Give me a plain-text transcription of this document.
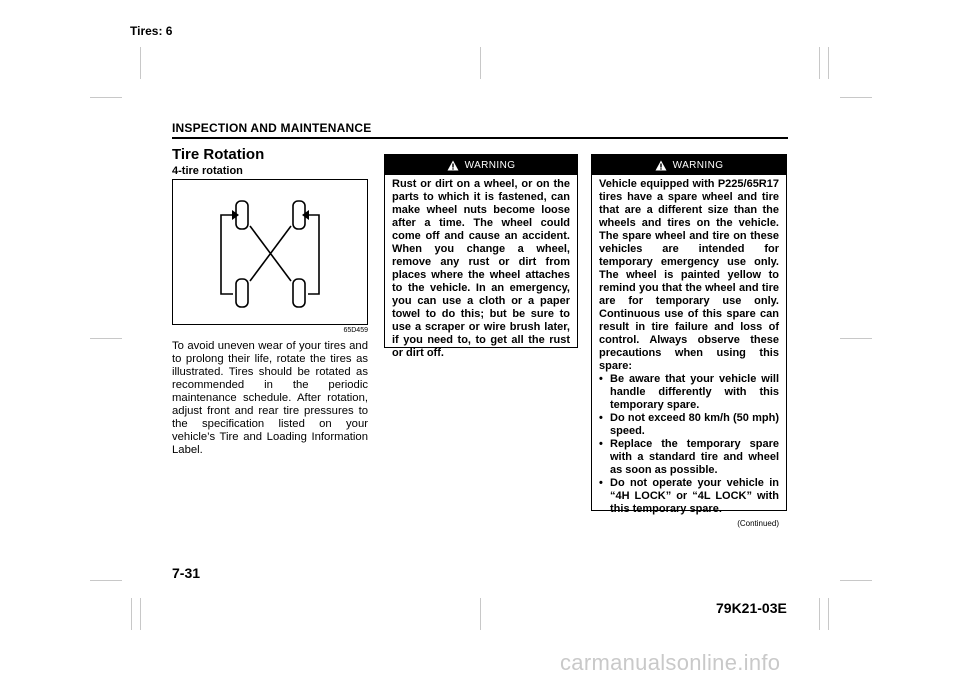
Tires: 6
INSPECTION AND MAINTENANCE
Tire Rotation
4-tire rotation
65D459

To avoid uneven wear of your tires and to prolong their life, rotate the tires as illustrated. Tires should be rotated as recommended in the periodic maintenance schedule. After rotation, adjust front and rear tire pressures to the specification listed on your vehicle’s Tire and Loading Information Label.

WARNING
Rust or dirt on a wheel, or on the parts to which it is fastened, can make wheel nuts become loose after a time. The wheel could come off and cause an accident. When you change a wheel, remove any rust or dirt from places where the wheel attaches to the vehicle. In an emergency, you can use a cloth or a paper towel to do this; but be sure to use a scraper or wire brush later, if you need to, to get all the rust or dirt off.
WARNING
Vehicle equipped with P225/65R17 tires have a spare wheel and tire that are a different size than the wheels and tires on the vehicle. The spare wheel and tire on these vehicles are intended for temporary emergency use only. The wheel is painted yellow to remind you that the wheel and tire are for temporary use only. Continuous use of this spare can result in tire failure and loss of control. Always observe these precautions when using this spare:
• Be aware that your vehicle will handle differently with this temporary spare.
• Do not exceed 80 km/h (50 mph) speed.
• Replace the temporary spare with a standard tire and wheel as soon as possible.
• Do not operate your vehicle in “4H LOCK” or “4L LOCK” with this temporary spare.
(Continued)
7-31
79K21-03E
carmanualsonline.info
